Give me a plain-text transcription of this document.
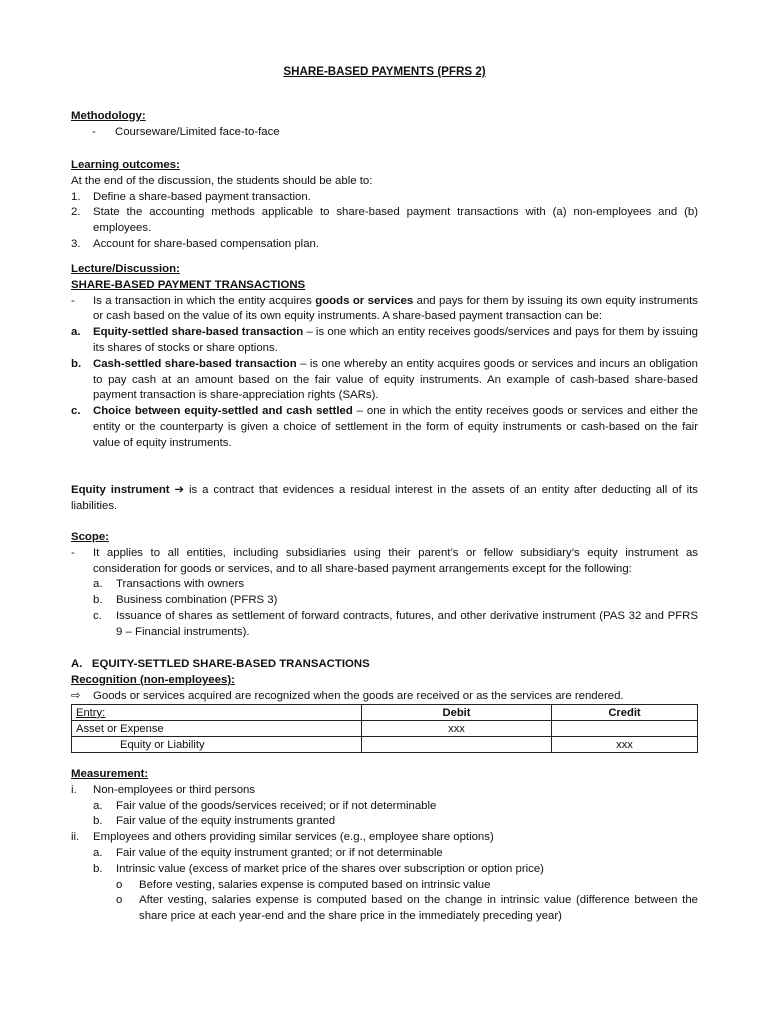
SHARE-BASED PAYMENTS (PFRS 2)
Methodology:
-	Courseware/Limited face-to-face
Learning outcomes:
At the end of the discussion, the students should be able to:
1.	Define a share-based payment transaction.
2.	State the accounting methods applicable to share-based payment transactions with (a) non-employees and (b) employees.
3.	Account for share-based compensation plan.
Lecture/Discussion:
SHARE-BASED PAYMENT TRANSACTIONS
-	Is a transaction in which the entity acquires goods or services and pays for them by issuing its own equity instruments or cash based on the value of its own equity instruments. A share-based payment transaction can be:
a.	Equity-settled share-based transaction – is one which an entity receives goods/services and pays for them by issuing its shares of stocks or share options.
b.	Cash-settled share-based transaction – is one whereby an entity acquires goods or services and incurs an obligation to pay cash at an amount based on the fair value of equity instruments. An example of cash-based share-based payment transaction is share-appreciation rights (SARs).
c.	Choice between equity-settled and cash settled – one in which the entity receives goods or services and either the entity or the counterparty is given a choice of settlement in the form of equity instruments or cash-based on the fair value of equity instruments.
Equity instrument ➔ is a contract that evidences a residual interest in the assets of an entity after deducting all of its liabilities.
Scope:
-	It applies to all entities, including subsidiaries using their parent’s or fellow subsidiary’s equity instrument as consideration for goods or services, and to all share-based payment arrangements except for the following:
a.	Transactions with owners
b.	Business combination (PFRS 3)
c.	Issuance of shares as settlement of forward contracts, futures, and other derivative instrument (PAS 32 and PFRS 9 – Financial instruments).
A.   EQUITY-SETTLED SHARE-BASED TRANSACTIONS
Recognition (non-employees):
⇨	Goods or services acquired are recognized when the goods are received or as the services are rendered.
Entry:	Debit	Credit
Asset or Expense	xxx	
Equity or Liability		xxx
Measurement:
i.	Non-employees or third persons
a.	Fair value of the goods/services received; or if not determinable
b.	Fair value of the equity instruments granted
ii.	Employees and others providing similar services (e.g., employee share options)
a.	Fair value of the equity instrument granted; or if not determinable
b.	Intrinsic value (excess of market price of the shares over subscription or option price)
o	Before vesting, salaries expense is computed based on intrinsic value
o	After vesting, salaries expense is computed based on the change in intrinsic value (difference between the share price at each year-end and the share price in the immediately preceding year)
